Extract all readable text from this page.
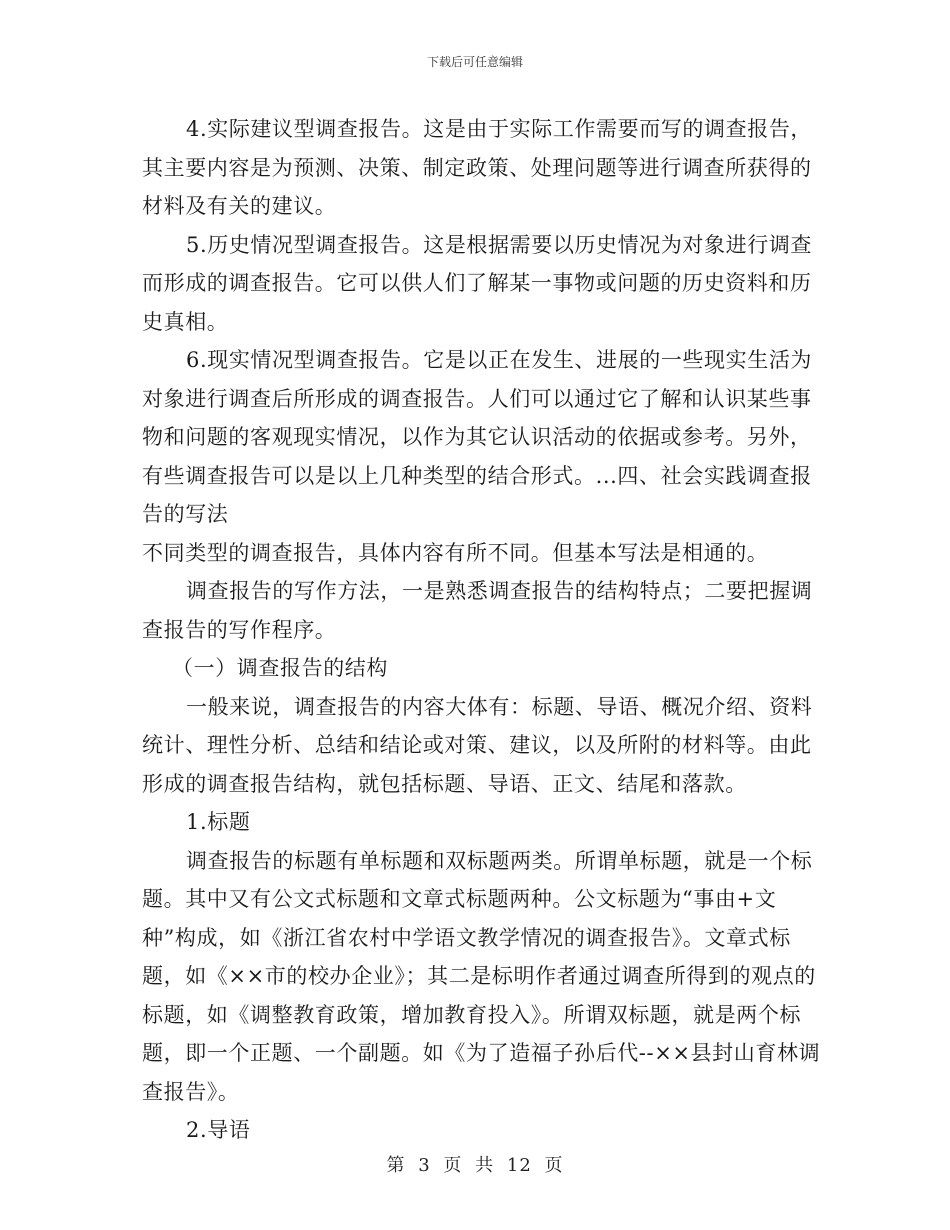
下载后可任意编辑

4.实际建议型调查报告。这是由于实际工作需要而写的调查报告，其主要内容是为预测、决策、制定政策、处理问题等进行调查所获得的材料及有关的建议。

5.历史情况型调查报告。这是根据需要以历史情况为对象进行调查而形成的调查报告。它可以供人们了解某一事物或问题的历史资料和历史真相。

6.现实情况型调查报告。它是以正在发生、进展的一些现实生活为对象进行调查后所形成的调查报告。人们可以通过它了解和认识某些事物和问题的客观现实情况，以作为其它认识活动的依据或参考。另外，有些调查报告可以是以上几种类型的结合形式。...四、社会实践调查报告的写法

不同类型的调查报告，具体内容有所不同。但基本写法是相通的。

调查报告的写作方法，一是熟悉调查报告的结构特点；二要把握调查报告的写作程序。

（一）调查报告的结构

一般来说，调查报告的内容大体有：标题、导语、概况介绍、资料统计、理性分析、总结和结论或对策、建议，以及所附的材料等。由此形成的调查报告结构，就包括标题、导语、正文、结尾和落款。

1.标题

调查报告的标题有单标题和双标题两类。所谓单标题，就是一个标题。其中又有公文式标题和文章式标题两种。公文标题为“事由+文种”构成，如《浙江省农村中学语文教学情况的调查报告》。文章式标题，如《××市的校办企业》；其二是标明作者通过调查所得到的观点的标题，如《调整教育政策，增加教育投入》。所谓双标题，就是两个标题，即一个正题、一个副题。如《为了造福子孙后代--××县封山育林调查报告》。

2.导语

第 3 页 共 12 页
